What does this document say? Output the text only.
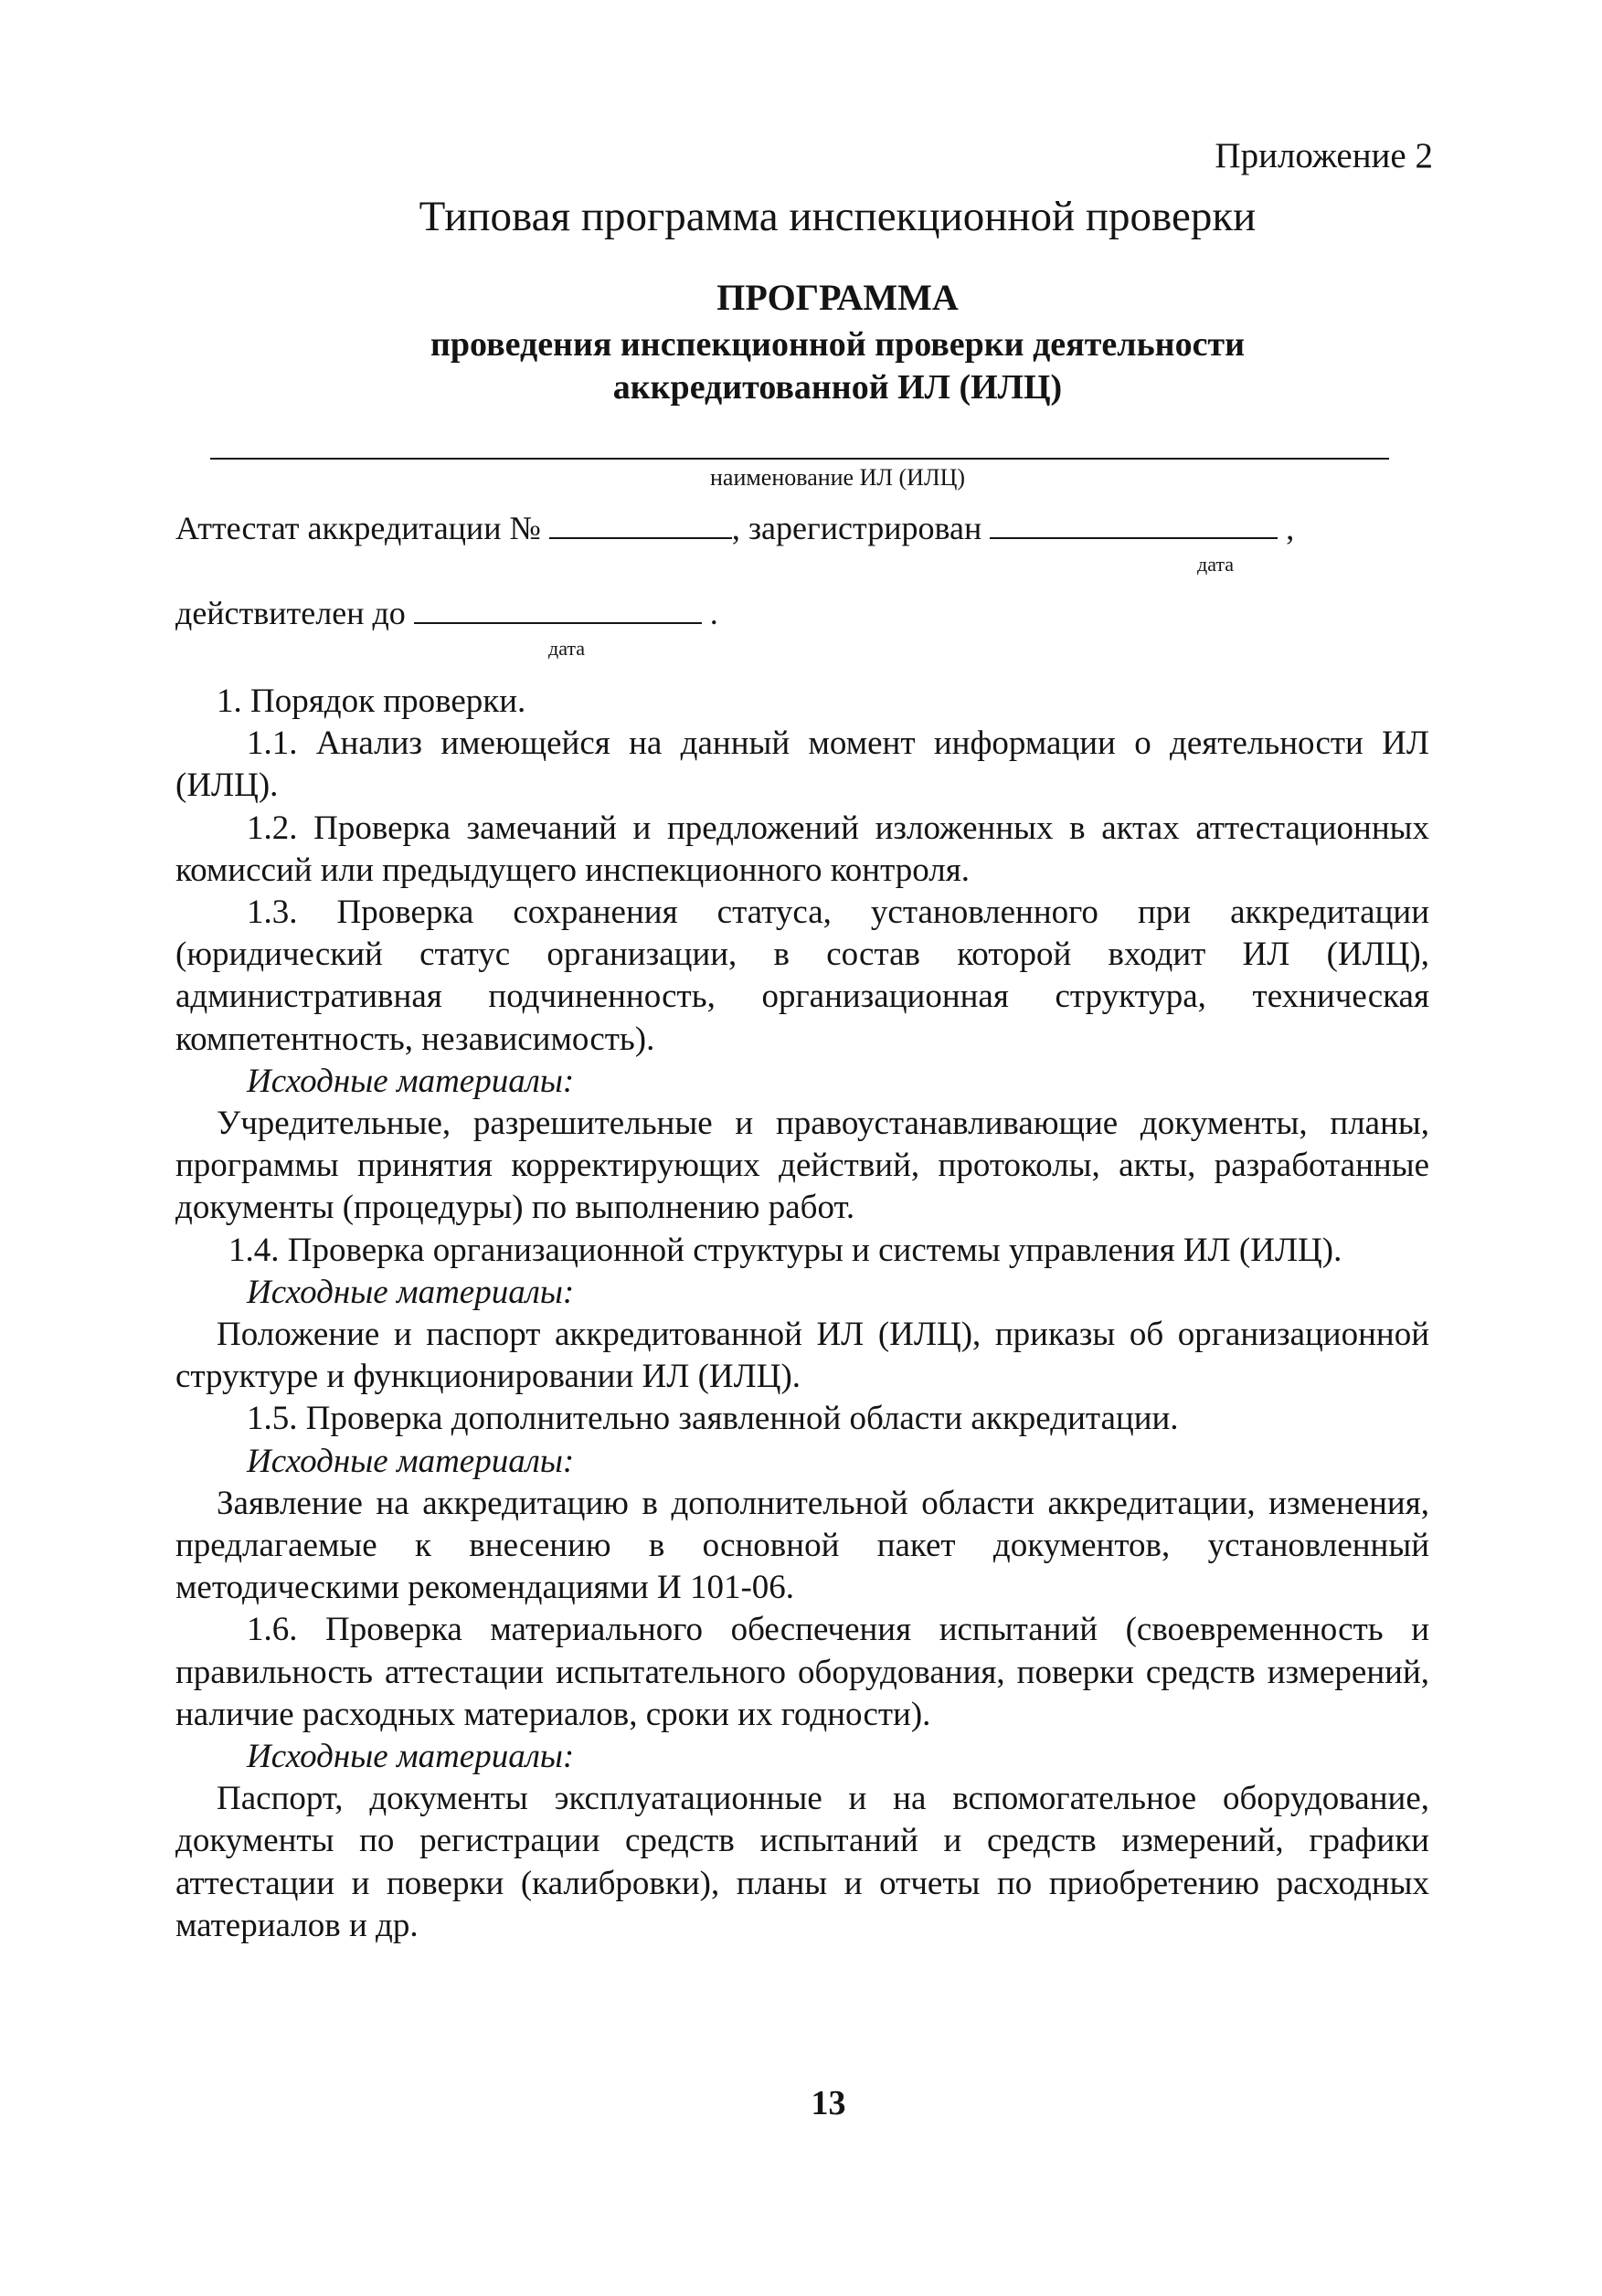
Приложение 2
Типовая программа инспекционной проверки
ПРОГРАММА
проведения инспекционной проверки деятельности
аккредитованной ИЛ (ИЛЦ)
наименование ИЛ (ИЛЦ)
Аттестат аккредитации №	, зарегистрирован	,
дата
действителен до	.
дата

1. Порядок проверки.

1.1. Анализ имеющейся на данный момент информации о деятельности ИЛ (ИЛЦ).

1.2. Проверка замечаний и предложений изложенных в актах аттестационных комиссий или предыдущего инспекционного контроля.

1.3. Проверка сохранения статуса, установленного при аккредитации (юридический статус организации, в состав которой входит ИЛ (ИЛЦ), административная подчиненность, организационная структура, техническая компетентность, независимость).

Исходные материалы:

Учредительные, разрешительные и правоустанавливающие документы, планы, программы принятия корректирующих действий, протоколы, акты, разработанные документы (процедуры) по выполнению работ.

1.4. Проверка организационной структуры и системы управления ИЛ (ИЛЦ).

Исходные материалы:

Положение и паспорт аккредитованной ИЛ (ИЛЦ), приказы об организационной структуре и функционировании ИЛ (ИЛЦ).

1.5. Проверка дополнительно заявленной области аккредитации.

Исходные материалы:

Заявление на аккредитацию в дополнительной области аккредитации, изменения, предлагаемые к внесению в основной пакет документов, установленный методическими рекомендациями И 101-06.

1.6. Проверка материального обеспечения испытаний (своевременность и правильность аттестации испытательного оборудования, поверки средств измерений, наличие расходных материалов, сроки их годности).

Исходные материалы:

Паспорт, документы эксплуатационные и на вспомогательное оборудование, документы по регистрации средств испытаний и средств измерений, графики аттестации и поверки (калибровки), планы и отчеты по приобретению расходных материалов и др.

13
